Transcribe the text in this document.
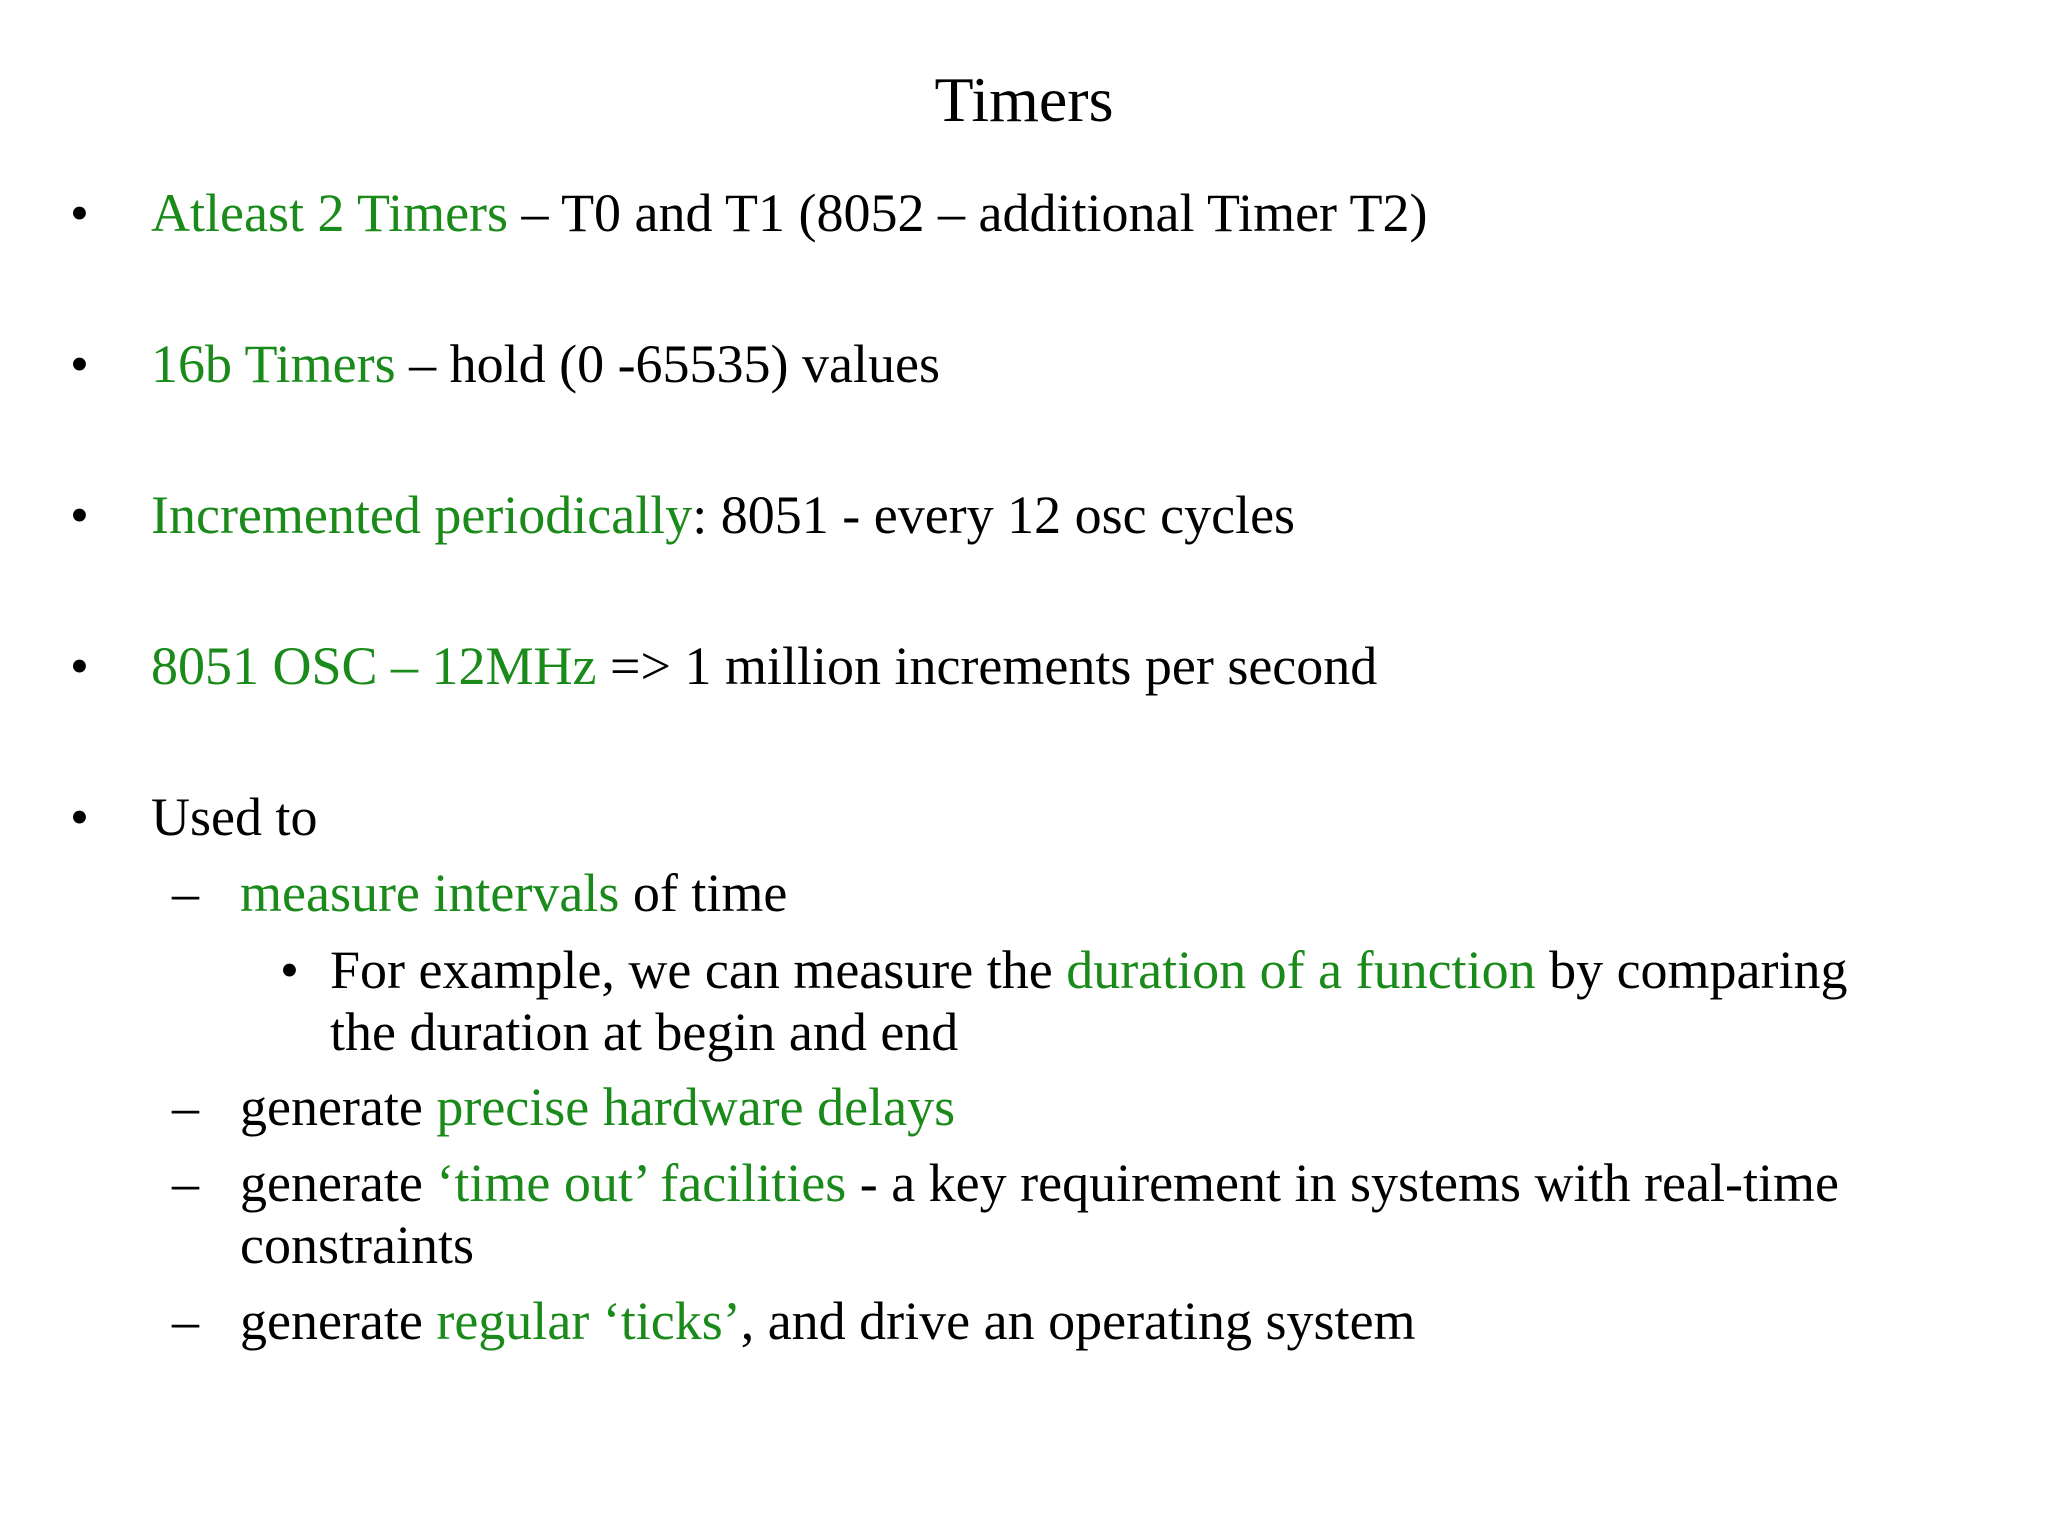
Timers
• Atleast 2 Timers – T0 and T1 (8052 – additional Timer T2)
• 16b Timers – hold (0 -65535) values
• Incremented periodically: 8051 - every 12 osc cycles
• 8051 OSC – 12MHz => 1 million increments per second
• Used to
– measure intervals of time
• For example, we can measure the duration of a function by comparing
the duration at begin and end
– generate precise hardware delays
– generate ‘time out’ facilities - a key requirement in systems with real-time
constraints
– generate regular ‘ticks’, and drive an operating system
